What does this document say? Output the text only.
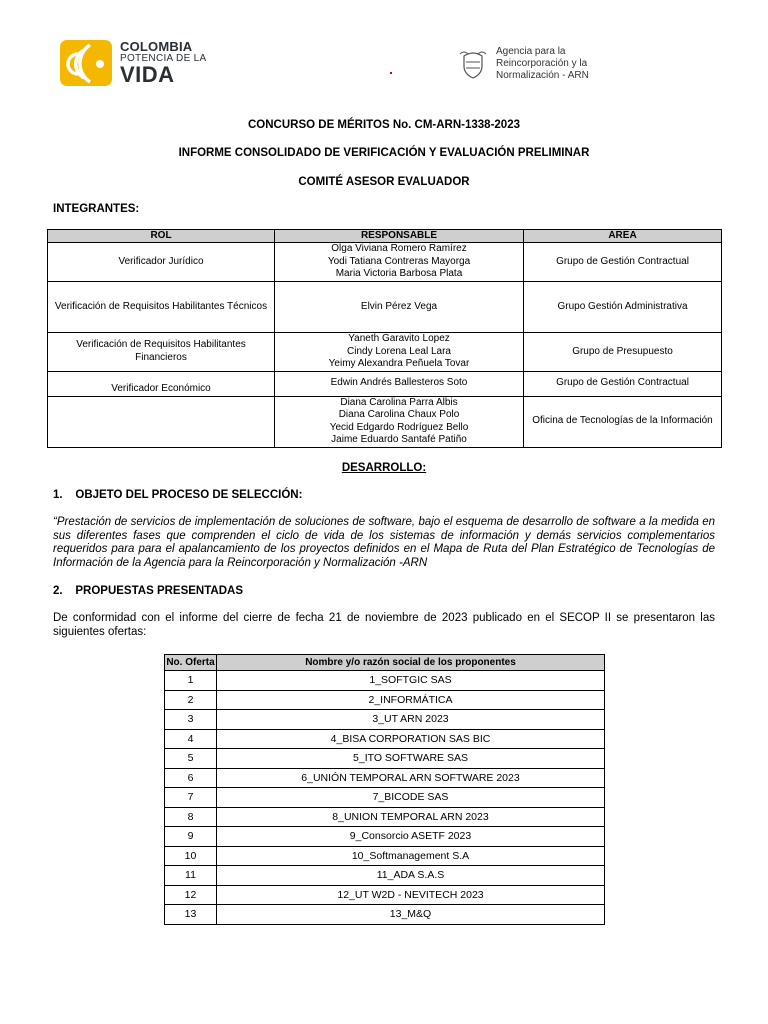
COLOMBIA
POTENCIA DE LA
VIDA
Agencia para la
Reincorporación y la
Normalización - ARN
CONCURSO DE MÉRITOS No. CM-ARN-1338-2023
INFORME CONSOLIDADO DE VERIFICACIÓN Y EVALUACIÓN PRELIMINAR
COMITÉ ASESOR EVALUADOR
INTEGRANTES:
ROL	RESPONSABLE	ÁREA
Verificador Jurídico	Olga Viviana Romero Ramírez
Yodi Tatiana Contreras Mayorga
Maria Victoria Barbosa Plata	Grupo de Gestión Contractual
Verificación de Requisitos Habilitantes Técnicos	Elvin Pérez Vega	Grupo Gestión Administrativa
Verificación de Requisitos Habilitantes Financieros	Yaneth Garavito Lopez
Cindy Lorena Leal Lara
Yeimy Alexandra Peñuela Tovar	Grupo de Presupuesto
Verificador Económico	Edwin Andrés Ballesteros Soto	Grupo de Gestión Contractual

	Diana Carolina Parra Albis
Diana Carolina Chaux Polo
Yecid Edgardo Rodríguez Bello
Jaime Eduardo Santafé Patiño	Oficina de Tecnologías de la Información
DESARROLLO:
1.    OBJETO DEL PROCESO DE SELECCIÓN:
“Prestación de servicios de implementación de soluciones de software, bajo el esquema de desarrollo de software a la medida en sus diferentes fases que comprenden el ciclo de vida de los sistemas de información y demás servicios complementarios requeridos para para el apalancamiento de los proyectos definidos en el Mapa de Ruta del Plan Estratégico de Tecnologías de Información de la Agencia para la Reincorporación y Normalización -ARN
2.    PROPUESTAS PRESENTADAS
De conformidad con el informe del cierre de fecha 21 de noviembre de 2023 publicado en el SECOP II se presentaron las siguientes ofertas:
No. Oferta	Nombre y/o razón social de los proponentes
1	1_SOFTGIC SAS
2	2_INFORMÁTICA
3	3_UT ARN 2023
4	4_BISA CORPORATION SAS BIC
5	5_ITO SOFTWARE SAS
6	6_UNIÓN TEMPORAL ARN SOFTWARE 2023
7	7_BICODE SAS
8	8_UNION TEMPORAL ARN 2023
9	9_Consorcio ASETF 2023
10	10_Softmanagement S.A
11	11_ADA S.A.S
12	12_UT W2D - NEVITECH 2023
13	13_M&Q
